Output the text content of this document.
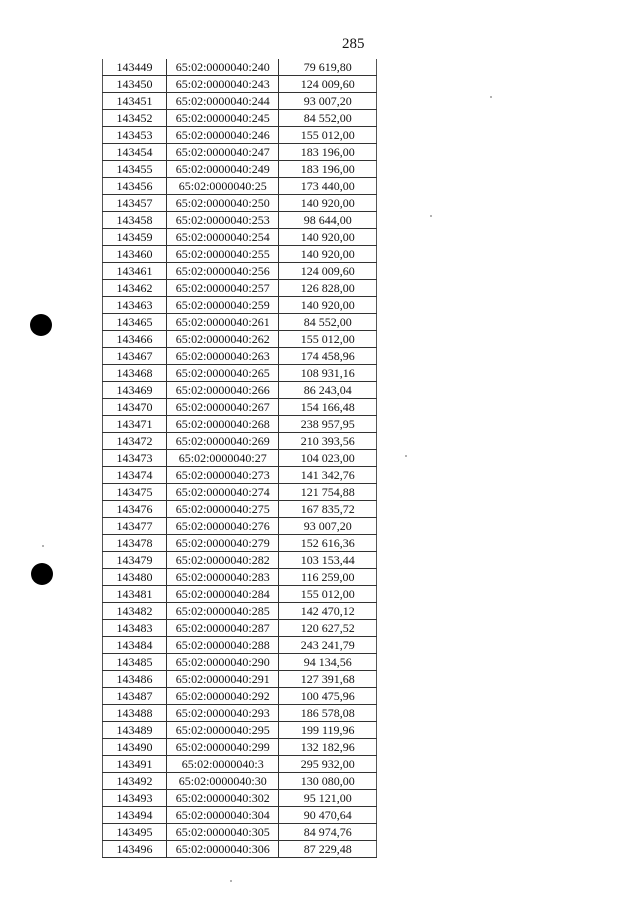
285
143449	65:02:0000040:240	79 619,80
143450	65:02:0000040:243	124 009,60
143451	65:02:0000040:244	93 007,20
143452	65:02:0000040:245	84 552,00
143453	65:02:0000040:246	155 012,00
143454	65:02:0000040:247	183 196,00
143455	65:02:0000040:249	183 196,00
143456	65:02:0000040:25	173 440,00
143457	65:02:0000040:250	140 920,00
143458	65:02:0000040:253	98 644,00
143459	65:02:0000040:254	140 920,00
143460	65:02:0000040:255	140 920,00
143461	65:02:0000040:256	124 009,60
143462	65:02:0000040:257	126 828,00
143463	65:02:0000040:259	140 920,00
143465	65:02:0000040:261	84 552,00
143466	65:02:0000040:262	155 012,00
143467	65:02:0000040:263	174 458,96
143468	65:02:0000040:265	108 931,16
143469	65:02:0000040:266	86 243,04
143470	65:02:0000040:267	154 166,48
143471	65:02:0000040:268	238 957,95
143472	65:02:0000040:269	210 393,56
143473	65:02:0000040:27	104 023,00
143474	65:02:0000040:273	141 342,76
143475	65:02:0000040:274	121 754,88
143476	65:02:0000040:275	167 835,72
143477	65:02:0000040:276	93 007,20
143478	65:02:0000040:279	152 616,36
143479	65:02:0000040:282	103 153,44
143480	65:02:0000040:283	116 259,00
143481	65:02:0000040:284	155 012,00
143482	65:02:0000040:285	142 470,12
143483	65:02:0000040:287	120 627,52
143484	65:02:0000040:288	243 241,79
143485	65:02:0000040:290	94 134,56
143486	65:02:0000040:291	127 391,68
143487	65:02:0000040:292	100 475,96
143488	65:02:0000040:293	186 578,08
143489	65:02:0000040:295	199 119,96
143490	65:02:0000040:299	132 182,96
143491	65:02:0000040:3	295 932,00
143492	65:02:0000040:30	130 080,00
143493	65:02:0000040:302	95 121,00
143494	65:02:0000040:304	90 470,64
143495	65:02:0000040:305	84 974,76
143496	65:02:0000040:306	87 229,48
